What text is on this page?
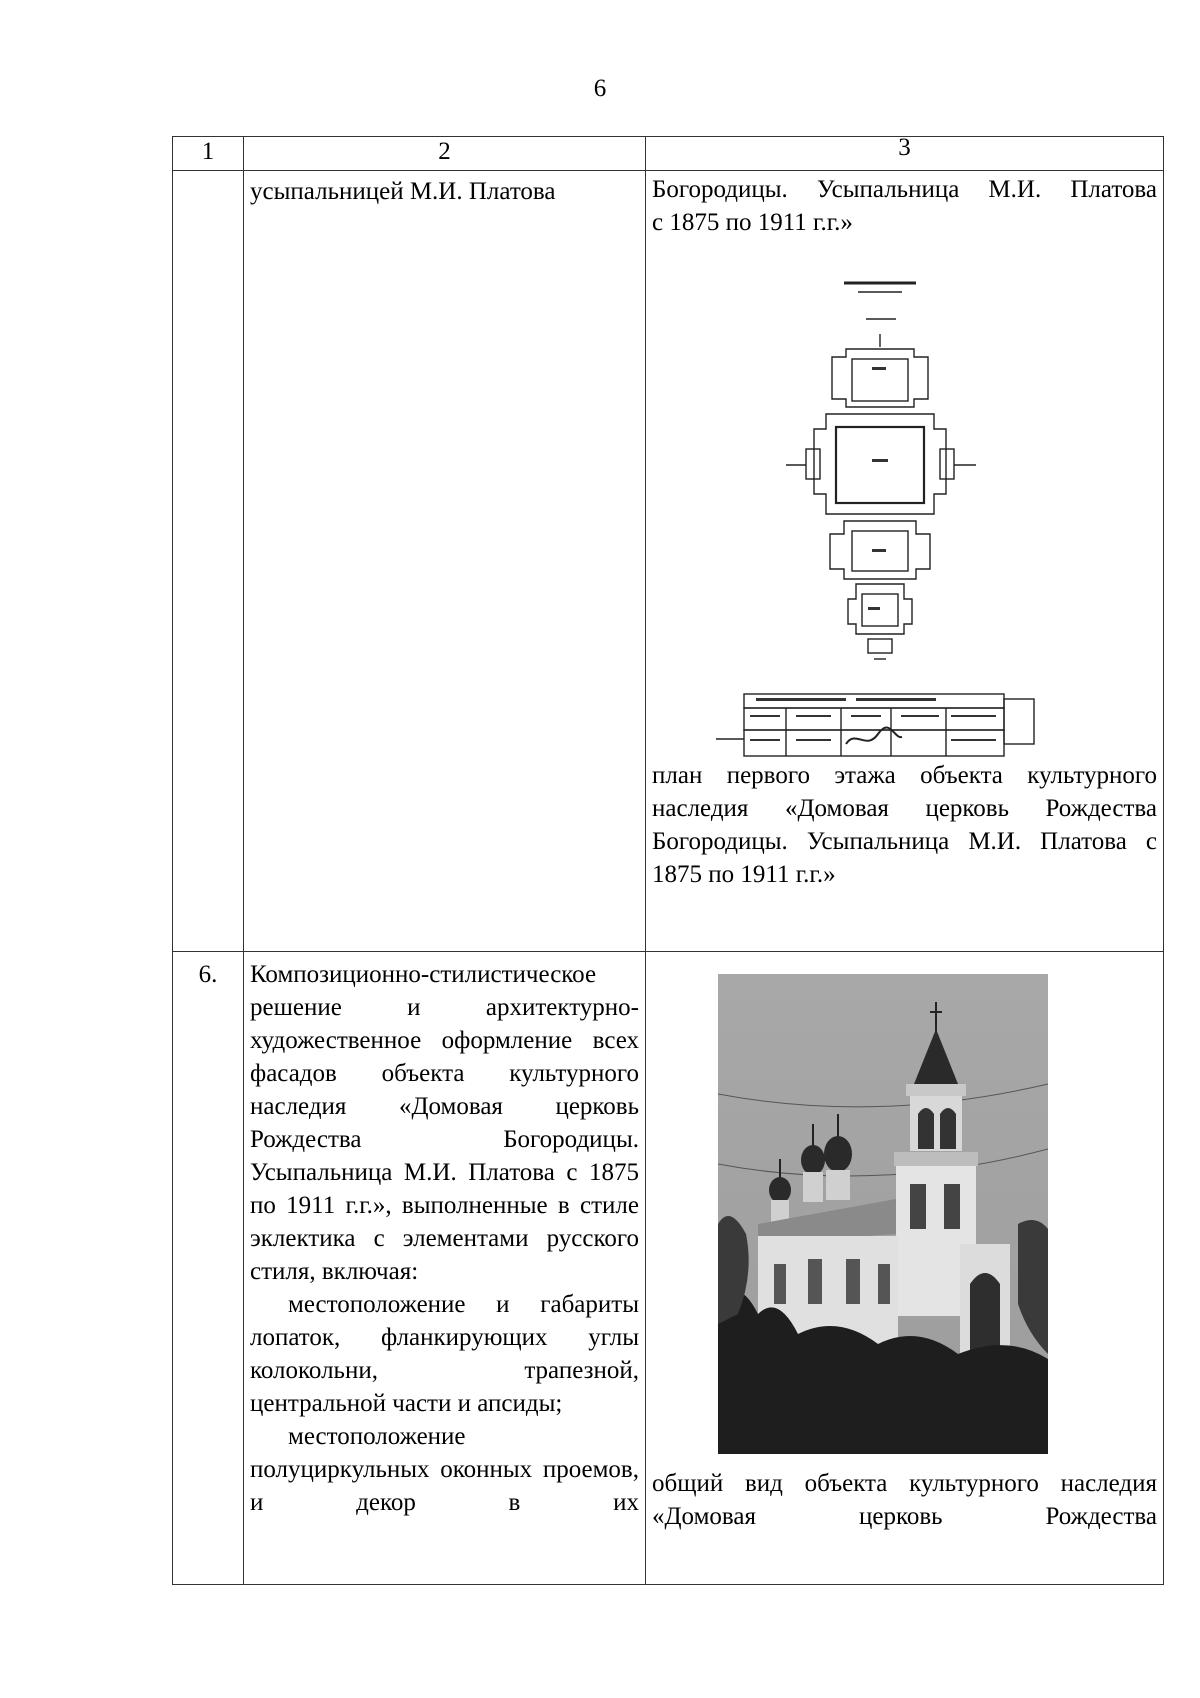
6
1	2	3

	усыпальницей М.И. Платова	Богородицы. Усыпальница М.И. Платова
с 1875 по 1911 г.г.»
план первого этажа объекта культурного наследия «Домовая церковь Рождества Богородицы. Усыпальница М.И. Платова с 1875 по 1911 г.г.»

6.	Композиционно-стилистическое решение и архитектурно-художественное оформление всех фасадов объекта культурного наследия «Домовая церковь Рождества Богородицы. Усыпальница М.И. Платова с 1875 по 1911 г.г.», выполненные в стиле эклектика с элементами русского стиля, включая:
местоположение и габариты лопаток, фланкирующих углы колокольни, трапезной, центральной части и апсиды;
местоположение полуциркульных оконных проемов, и декор в их	общий вид объекта культурного наследия «Домовая церковь Рождества
